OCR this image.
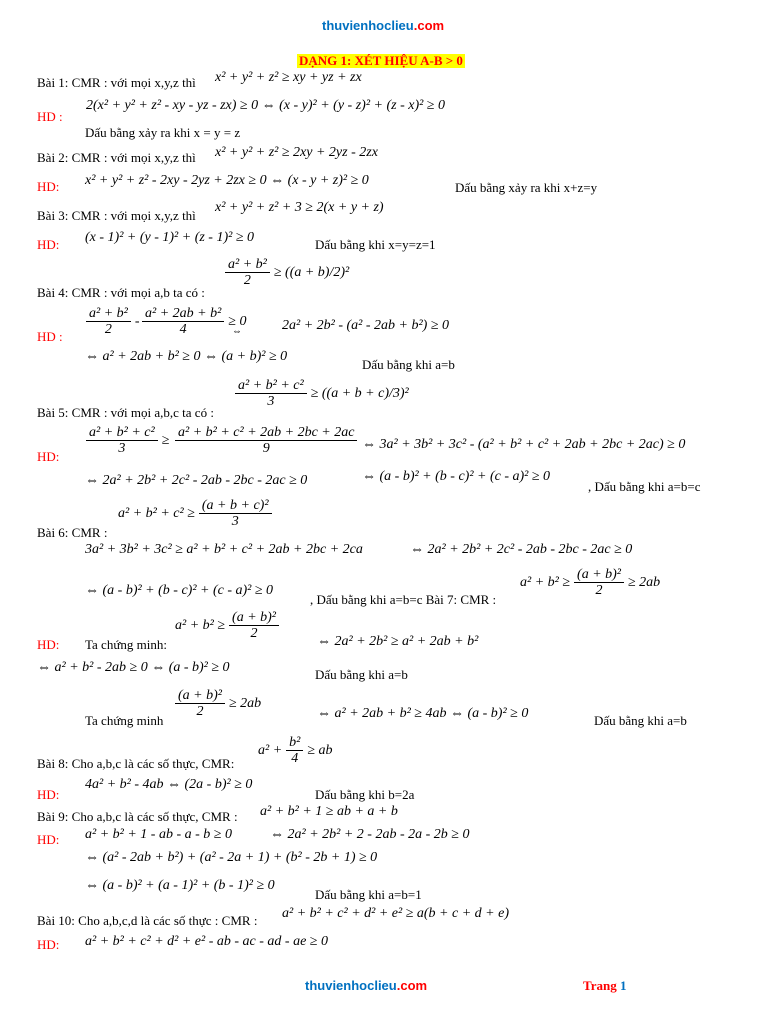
thuvienhoclieu.com
DẠNG 1: XÉT HIỆU A-B > 0
Bài 1: CMR : với mọi x,y,z thì x² + y² + z² ≥ xy + yz + zx
2(x² + y² + z² - xy - yz - zx) ≥ 0 ⇔ (x - y)² + (y - z)² + (z - x)² ≥ 0
HD :
Dấu bằng xảy ra khi x = y = z
Bài 2: CMR : với mọi x,y,z thì x² + y² + z² ≥ 2xy + 2yz - 2zx
HD: x² + y² + z² - 2xy - 2yz + 2zx ≥ 0 ⇔ (x - y + z)² ≥ 0	Dấu bằng xảy ra khi x+z=y
Bài 3: CMR : với mọi x,y,z thì
x² + y² + z² + 3 ≥ 2(x + y + z)
HD: (x - 1)² + (y - 1)² + (z - 1)² ≥ 0	Dấu bằng khi x=y=z=1
Bài 4: CMR : với mọi a,b ta có :
HD :	⇔	2a² + 2b² - (a² - 2ab + b²) ≥ 0
⇔ a² + 2ab + b² ≥ 0 ⇔ (a + b)² ≥ 0
Dấu bằng khi a=b
Bài 5: CMR : với mọi a,b,c ta có :
HD:
⇔ 3a² + 3b² + 3c² - (a² + b² + c² + 2ab + 2bc + 2ac) ≥ 0
⇔ 2a² + 2b² + 2c² - 2ab - 2bc - 2ac ≥ 0	⇔ (a - b)² + (b - c)² + (c - a)² ≥ 0
, Dấu bằng khi a=b=c
Bài 6: CMR :
3a² + 3b² + 3c² ≥ a² + b² + c² + 2ab + 2bc + 2ca	⇔ 2a² + 2b² + 2c² - 2ab - 2bc - 2ac ≥ 0
⇔ (a - b)² + (b - c)² + (c - a)² ≥ 0
, Dấu bằng khi a=b=c Bài 7: CMR :
HD: Ta chứng minh:	⇔ 2a² + 2b² ≥ a² + 2ab + b²
⇔ a² + b² - 2ab ≥ 0 ⇔ (a - b)² ≥ 0	Dấu bằng khi a=b
Ta chứng minh	⇔ a² + 2ab + b² ≥ 4ab ⇔ (a - b)² ≥ 0	Dấu bằng khi a=b
Bài 8: Cho a,b,c là các số thực, CMR:
4a² + b² - 4ab ⇔ (2a - b)² ≥ 0
HD:	Dấu bằng khi b=2a
Bài 9: Cho a,b,c là các số thực, CMR : a² + b² + 1 ≥ ab + a + b
HD: a² + b² + 1 - ab - a - b ≥ 0	⇔ 2a² + 2b² + 2 - 2ab - 2a - 2b ≥ 0
⇔ (a² - 2ab + b²) + (a² - 2a + 1) + (b² - 2b + 1) ≥ 0
⇔ (a - b)² + (a - 1)² + (b - 1)² ≥ 0
Dấu bằng khi a=b=1
Bài 10: Cho a,b,c,d là các số thực : CMR : a² + b² + c² + d² + e² ≥ a(b + c + d + e)
HD: a² + b² + c² + d² + e² - ab - ac - ad - ae ≥ 0
$\frac{\text{a² + b²}}{2} \ge ((a + b)/2)^2$
$\frac{\text{a² + b²}}{2} - \frac{\text{a² + 2ab + b²}}{4} \ge 0$
$\frac{\text{a² + b² + c²}}{3} \ge ((a + b + c)/3)^2$
$\frac{\text{a² + b² + c²}}{3} \ge \frac{\text{a² + b² + c² + 2ab + 2bc + 2ac}}{9}$
$a^2 + b^2 + c^2 \ge \frac{\text{(a + b + c)²}}{3}$
$a^2 + b^2 \ge \frac{\text{(a + b)²}}{2} \ge 2ab$
$a^2 + b^2 \ge \frac{\text{(a + b)²}}{2}$
$\frac{\text{(a + b)²}}{2} \ge 2ab$
$a^2 + \frac{\text{b²}}{4}$ ≥ ab
thuvienhoclieu.com	Trang 1
